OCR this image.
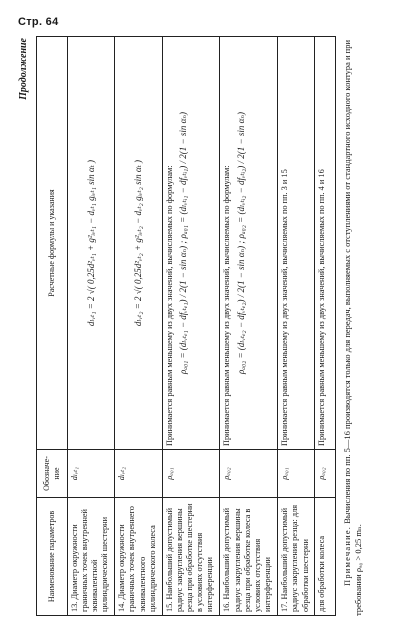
Стр. 64
Продолжение
Наименование параметров	Обозначе-ние	Расчетные формулы и указания
13. Диаметр окружности граничных точек внутренней эквивалентной цилиндрической шестерни	dₗᵥₜ₁	dₗᵥₜ₁ = 2 √( 0,25d²ᵥₜ₁ + g²ᵢᵥₜ₁ − dᵥₜ₁ gᵢᵥₜ₁ sin αₜ )
14. Диаметр окружности граничных точек внутреннего эквивалентного цилиндрического колеса	dₗᵥₜ₂	dₗᵥₜ₂ = 2 √( 0,25d²ᵥₜ₂ + g²ᵢᵥₜ₂ − dᵥₜ₂ gᵢᵥₜ₂ sin αₜ )
15. Наибольший допустимый радиус закругления вершины резца при обработке шестерни в условиях отсутствия интерференции	ρₐ₀₁	Принимается равным меньшему из двух значений, вычисляемых по формулам: ρₐ₀₁ = (dₗᵥₜₑ₁ − dfᵥₜₑ₁) / 2(1 − sin αₙ) ; ρₐ₀₁ = (dₗᵥₜᵢ₁ − dfᵥₜᵢ₁) / 2(1 − sin αₙ)

16. Наибольший допустимый радиус закругления вершины резца при обработке колеса в условиях отсутствия интерференции	ρₐ₀₂	Принимается равным меньшему из двух значений, вычисляемых по формулам: ρₐ₀₂ = (dₗᵥₜₑ₂ − dfᵥₜₑ₂) / 2(1 − sin αₙ) ; ρₐ₀₂ = (dₗᵥₜᵢ₂ − dfᵥₜᵢ₂) / 2(1 − sin αₙ)

17. Наибольший допустимый радиус закругления резца: для обработки шестерни	ρₐ₀₁	Принимается равным меньшему из двух значений, вычисляемых по пп. 3 и 15
для обработки колеса	ρₐ₀₂	Принимается равным меньшему из двух значений, вычисляемых по пп. 4 и 16
Примечание. Вычисления по пп. 5—16 производятся только для передач, выполняемых с отступлениями от стандартного исходного контура и при требовании ρₐ₀ > 0,25 mₙ.
